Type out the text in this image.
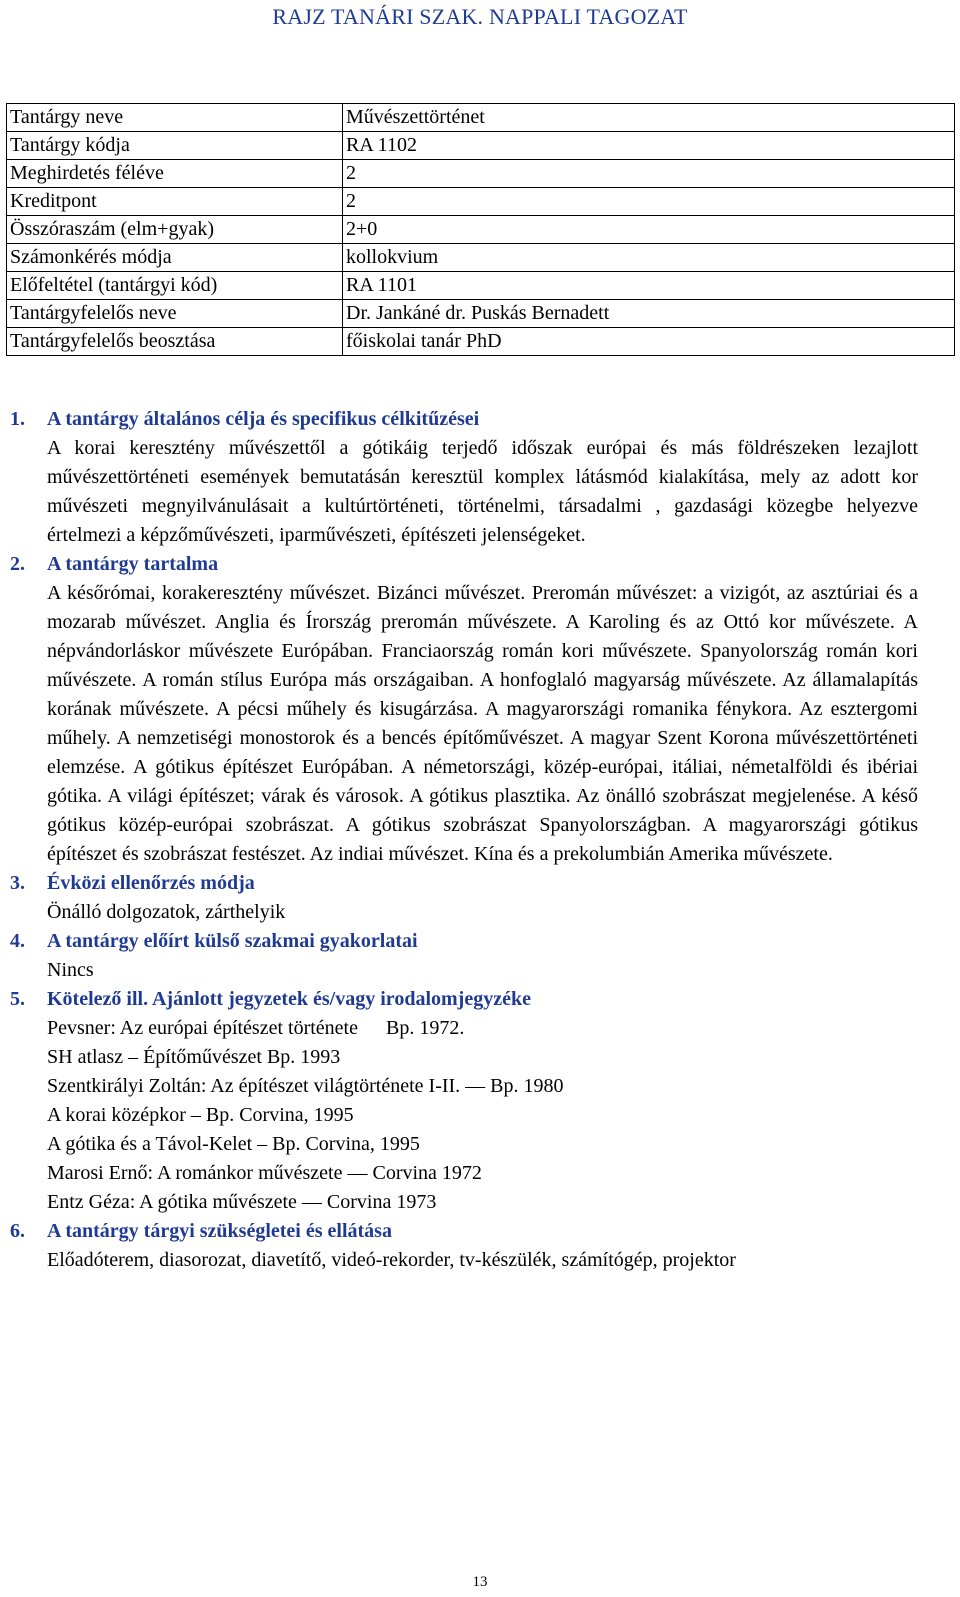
RAJZ TANÁRI SZAK. NAPPALI TAGOZAT
Tantárgy neve	Művészettörténet
Tantárgy kódja	RA 1102
Meghirdetés féléve	2
Kreditpont	2
Összóraszám (elm+gyak)	2+0
Számonkérés módja	kollokvium
Előfeltétel (tantárgyi kód)	RA 1101
Tantárgyfelelős neve	Dr. Jankáné dr. Puskás Bernadett
Tantárgyfelelős beosztása	főiskolai tanár PhD
1. A tantárgy általános célja és specifikus célkitűzései
A korai keresztény művészettől a gótikáig terjedő időszak európai és más földrészeken lezajlott művészettörténeti események bemutatásán keresztül komplex látásmód kialakítása, mely az adott kor művészeti megnyilvánulásait a kultúrtörténeti, történelmi, társadalmi , gazdasági közegbe helyezve értelmezi a képzőművészeti, iparművészeti, építészeti jelenségeket.
2. A tantárgy tartalma
A későrómai, korakeresztény művészet. Bizánci művészet. Preromán művészet: a vizigót, az asztúriai és a mozarab művészet. Anglia és Írország preromán művészete. A Karoling és az Ottó kor művészete. A népvándorláskor művészete Európában. Franciaország román kori művészete. Spanyolország román kori művészete. A román stílus Európa más országaiban. A honfoglaló magyarság művészete. Az államalapítás korának művészete. A pécsi műhely és kisugárzása. A magyarországi romanika fénykora. Az esztergomi műhely. A nemzetiségi monostorok és a bencés építőművészet. A magyar Szent Korona művészettörténeti elemzése. A gótikus építészet Európában. A németországi, közép-európai, itáliai, németalföldi és ibériai gótika. A világi építészet; várak és városok. A gótikus plasztika. Az önálló szobrászat megjelenése. A késő gótikus közép-európai szobrászat. A gótikus szobrászat Spanyolországban. A magyarországi gótikus építészet és szobrászat festészet. Az indiai művészet. Kína és a prekolumbián Amerika művészete.
3. Évközi ellenőrzés módja
Önálló dolgozatok, zárthelyik
4. A tantárgy előírt külső szakmai gyakorlatai
Nincs
5. Kötelező ill. Ajánlott jegyzetek és/vagy irodalomjegyzéke
Pevsner: Az európai építészet története Bp. 1972.
SH atlasz – Építőművészet Bp. 1993
Szentkirályi Zoltán: Az építészet világtörténete I-II. –– Bp. 1980
A korai középkor – Bp. Corvina, 1995
A gótika és a Távol-Kelet – Bp. Corvina, 1995
Marosi Ernő: A románkor művészete –– Corvina 1972
Entz Géza: A gótika művészete –– Corvina 1973
6. A tantárgy tárgyi szükségletei és ellátása
Előadóterem, diasorozat, diavetítő, videó-rekorder, tv-készülék, számítógép, projektor
13
